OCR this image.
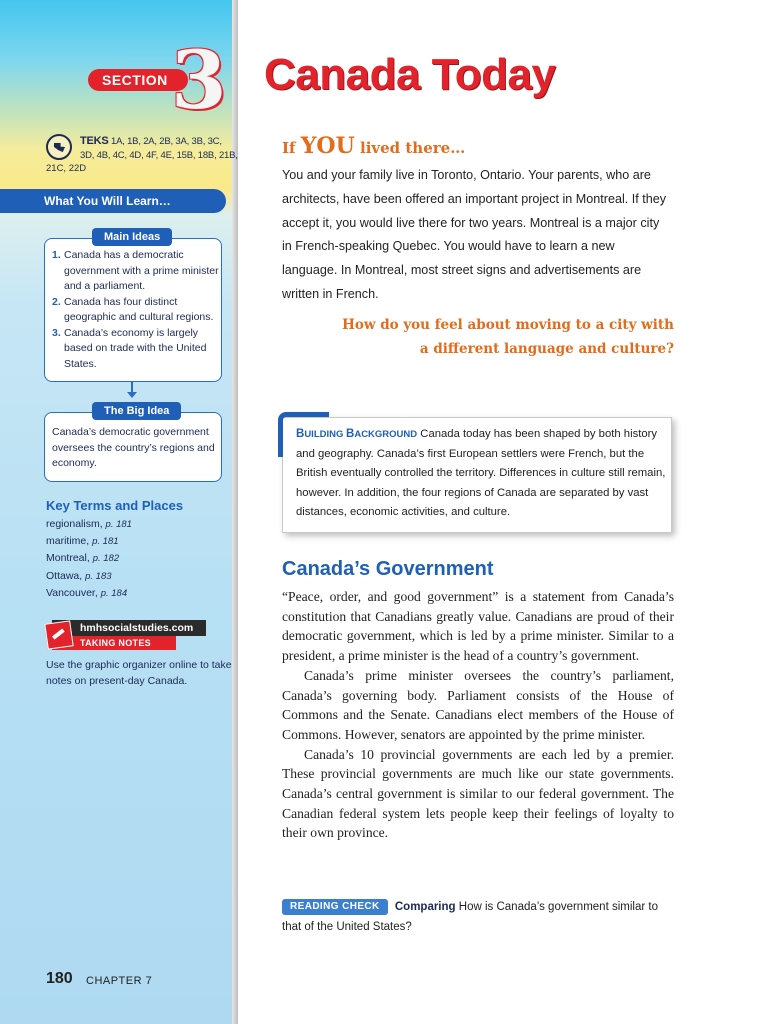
SECTION 3
TEKS 1A, 1B, 2A, 2B, 3A, 3B, 3C,
3D, 4B, 4C, 4D, 4F, 4E, 15B, 18B, 21B,
21C, 22D
What You Will Learn…
Main Ideas
1. Canada has a democratic government with a prime minister and a parliament.
2. Canada has four distinct geographic and cultural regions.
3. Canada’s economy is largely based on trade with the United States.
The Big Idea
Canada’s democratic government oversees the country’s regions and economy.
Key Terms and Places
regionalism, p. 181
maritime, p. 181
Montreal, p. 182
Ottawa, p. 183
Vancouver, p. 184
hmhsocialstudies.com
TAKING NOTES
Use the graphic organizer online to take notes on present-day Canada.
Canada Today
If YOU lived there…
You and your family live in Toronto, Ontario. Your parents, who are architects, have been offered an important project in Montreal. If they accept it, you would live there for two years. Montreal is a major city in French-speaking Quebec. You would have to learn a new language. In Montreal, most street signs and advertisements are written in French.
How do you feel about moving to a city with
a different language and culture?
BUILDING BACKGROUND Canada today has been shaped by both history and geography. Canada’s first European settlers were French, but the British eventually controlled the territory. Differences in culture still remain, however. In addition, the four regions of Canada are separated by vast distances, economic activities, and culture.
Canada’s Government

“Peace, order, and good government” is a statement from Canada’s constitution that Canadians greatly value. Canadians are proud of their democratic government, which is led by a prime minister. Similar to a president, a prime minister is the head of a country’s government.

Canada’s prime minister oversees the country’s parliament, Canada’s governing body. Parliament consists of the House of Commons and the Senate. Canadians elect members of the House of Commons. However, senators are appointed by the prime minister.

Canada’s 10 provincial governments are each led by a premier. These provincial governments are much like our state governments. Canada’s central government is similar to our federal government. The Canadian federal system lets people keep their feelings of loyalty to their own province.

READING CHECK Comparing How is Canada’s government similar to that of the United States?
180 CHAPTER 7
